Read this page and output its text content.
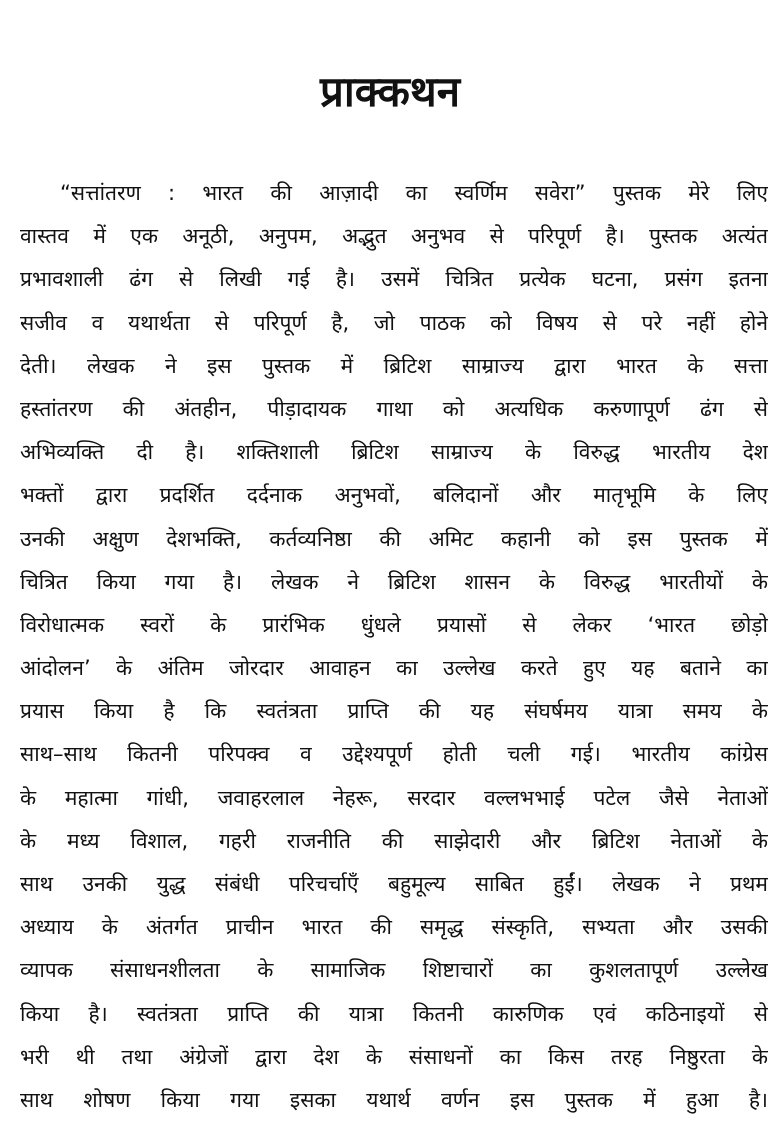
प्राक्कथन
“सत्तांतरण : भारत की आज़ादी का स्वर्णिम सवेरा” पुस्तक मेरे लिए
वास्तव में एक अनूठी, अनुपम, अद्भुत अनुभव से परिपूर्ण है। पुस्तक अत्यंत
प्रभावशाली ढंग से लिखी गई है। उसमें चित्रित प्रत्येक घटना, प्रसंग इतना
सजीव व यथार्थता से परिपूर्ण है, जो पाठक को विषय से परे नहीं होने
देती। लेखक ने इस पुस्तक में ब्रिटिश साम्राज्य द्वारा भारत के सत्ता
हस्तांतरण की अंतहीन, पीड़ादायक गाथा को अत्यधिक करुणापूर्ण ढंग से
अभिव्यक्ति दी है। शक्तिशाली ब्रिटिश साम्राज्य के विरुद्ध भारतीय देश
भक्तों द्वारा प्रदर्शित दर्दनाक अनुभवों, बलिदानों और मातृभूमि के लिए
उनकी अक्षुण देशभक्ति, कर्तव्यनिष्ठा की अमिट कहानी को इस पुस्तक में
चित्रित किया गया है। लेखक ने ब्रिटिश शासन के विरुद्ध भारतीयों के
विरोधात्मक स्वरों के प्रारंभिक धुंधले प्रयासों से लेकर ‘भारत छोड़ो
आंदोलन’ के अंतिम जोरदार आवाहन का उल्लेख करते हुए यह बताने का
प्रयास किया है कि स्वतंत्रता प्राप्ति की यह संघर्षमय यात्रा समय के
साथ–साथ कितनी परिपक्व व उद्देश्यपूर्ण होती चली गई। भारतीय कांग्रेस
के महात्मा गांधी, जवाहरलाल नेहरू, सरदार वल्लभभाई पटेल जैसे नेताओं
के मध्य विशाल, गहरी राजनीति की साझेदारी और ब्रिटिश नेताओं के
साथ उनकी युद्ध संबंधी परिचर्चाएँ बहुमूल्य साबित हुईं। लेखक ने प्रथम
अध्याय के अंतर्गत प्राचीन भारत की समृद्ध संस्कृति, सभ्यता और उसकी
व्यापक संसाधनशीलता के सामाजिक शिष्टाचारों का कुशलतापूर्ण उल्लेख
किया है। स्वतंत्रता प्राप्ति की यात्रा कितनी कारुणिक एवं कठिनाइयों से
भरी थी तथा अंग्रेजों द्वारा देश के संसाधनों का किस तरह निष्ठुरता के
साथ शोषण किया गया इसका यथार्थ वर्णन इस पुस्तक में हुआ है।
